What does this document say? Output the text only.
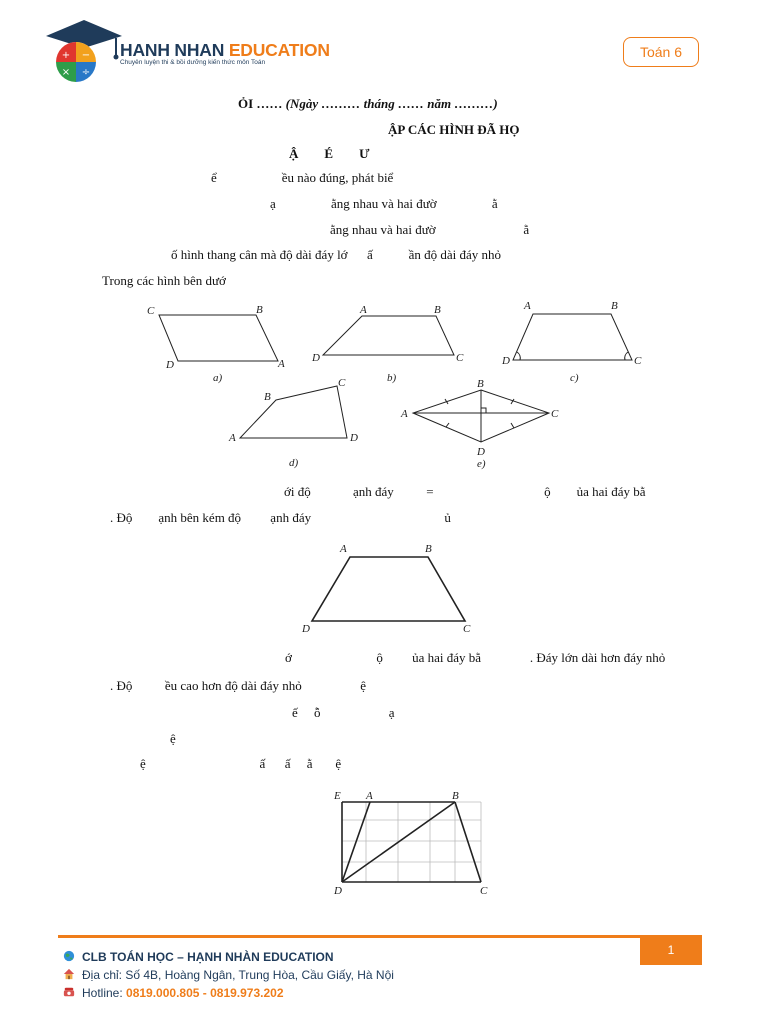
+ −
× ÷
HANH NHAN EDUCATION
Chuyên luyện thi & bồi dưỡng kiến thức môn Toán
Toán 6
ỎI …… (Ngày ……… tháng …… năm ………)
ẬP CÁC HÌNH ĐÃ HỌ
Ậ        É        Ư
ể                    ều nào đúng, phát biể
ạ                 ằng nhau và hai đườ                 ằ
ằng nhau và hai đườ                           ằ
ố hình thang cân mà độ dài đáy lớ      ấ           ần độ dài đáy nhỏ
Trong các hình bên dướ
ới độ             ạnh đáy          =                                  ộ        ủa hai đáy bằ
. Độ        ạnh bên kém độ         ạnh đáy                                         ủ
ớ                          ộ         ủa hai đáy bằ               . Đáy lớn dài hơn đáy nhỏ
. Độ          ều cao hơn độ dài đáy nhỏ                  ệ
ế     ỗ                     ạ
ệ
ệ                                   ấ      ấ     ằ       ệ
C	B
D	A
a)
A	B
D	C
b)
A	B
D	C
c)
B
C
A	D
d)
B
A	C
D
e)
A	B
D	C
E A	B
D	C
1
CLB TOÁN HỌC – HẠNH NHÀN EDUCATION
Địa chỉ: Số 4B, Hoàng Ngân, Trung Hòa, Cầu Giấy, Hà Nội
Hotline: 0819.000.805 - 0819.973.202
